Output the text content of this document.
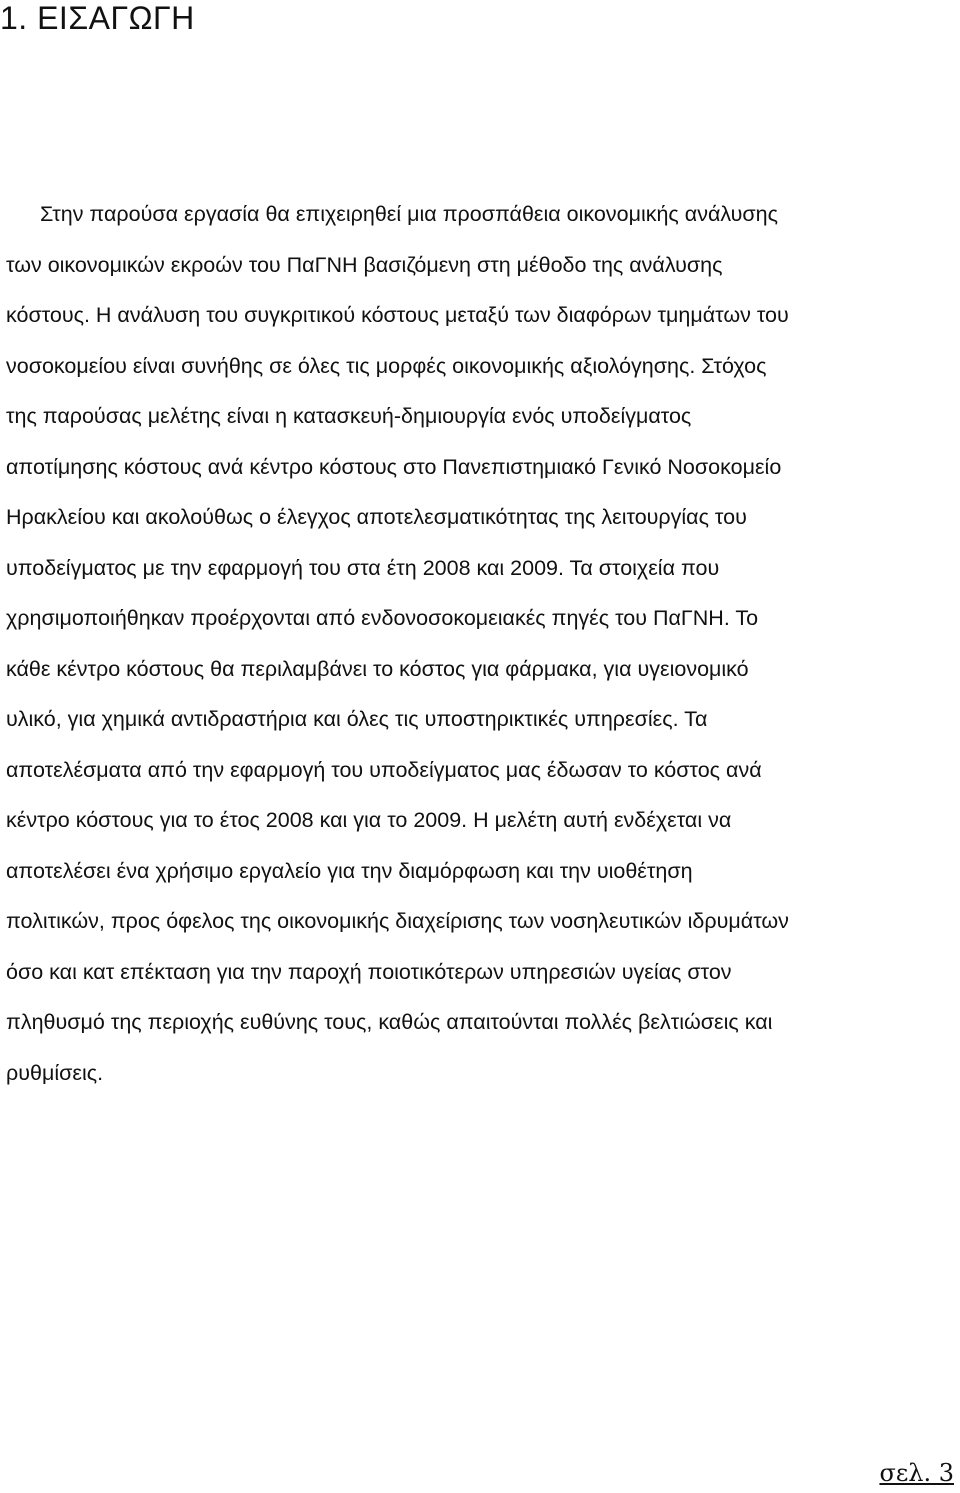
1. ΕΙΣΑΓΩΓΗ
Στην παρούσα εργασία θα επιχειρηθεί μια προσπάθεια οικονομικής ανάλυσης
των οικονομικών εκροών του ΠαΓΝΗ βασιζόμενη στη μέθοδο της ανάλυσης
κόστους. Η ανάλυση του συγκριτικού κόστους μεταξύ των διαφόρων τμημάτων του
νοσοκομείου είναι συνήθης σε όλες τις μορφές οικονομικής αξιολόγησης. Στόχος
της παρούσας μελέτης είναι η κατασκευή-δημιουργία ενός υποδείγματος
αποτίμησης κόστους ανά κέντρο κόστους στο Πανεπιστημιακό Γενικό Νοσοκομείο
Ηρακλείου και ακολούθως ο έλεγχος αποτελεσματικότητας της λειτουργίας του
υποδείγματος με την εφαρμογή του στα έτη 2008 και 2009. Τα στοιχεία που
χρησιμοποιήθηκαν προέρχονται από ενδονοσοκομειακές πηγές του ΠαΓΝΗ. Το
κάθε κέντρο κόστους θα περιλαμβάνει το κόστος για φάρμακα, για υγειονομικό
υλικό, για χημικά αντιδραστήρια και όλες τις υποστηρικτικές υπηρεσίες. Τα
αποτελέσματα από την εφαρμογή του υποδείγματος μας έδωσαν το κόστος ανά
κέντρο κόστους για το έτος 2008 και για το 2009. Η μελέτη αυτή ενδέχεται να
αποτελέσει ένα χρήσιμο εργαλείο για την διαμόρφωση και την υιοθέτηση
πολιτικών, προς όφελος της οικονομικής διαχείρισης των νοσηλευτικών ιδρυμάτων
όσο και κατ επέκταση για την παροχή ποιοτικότερων υπηρεσιών υγείας στον
πληθυσμό της περιοχής ευθύνης τους, καθώς απαιτούνται πολλές βελτιώσεις και
ρυθμίσεις.
σελ. 3
